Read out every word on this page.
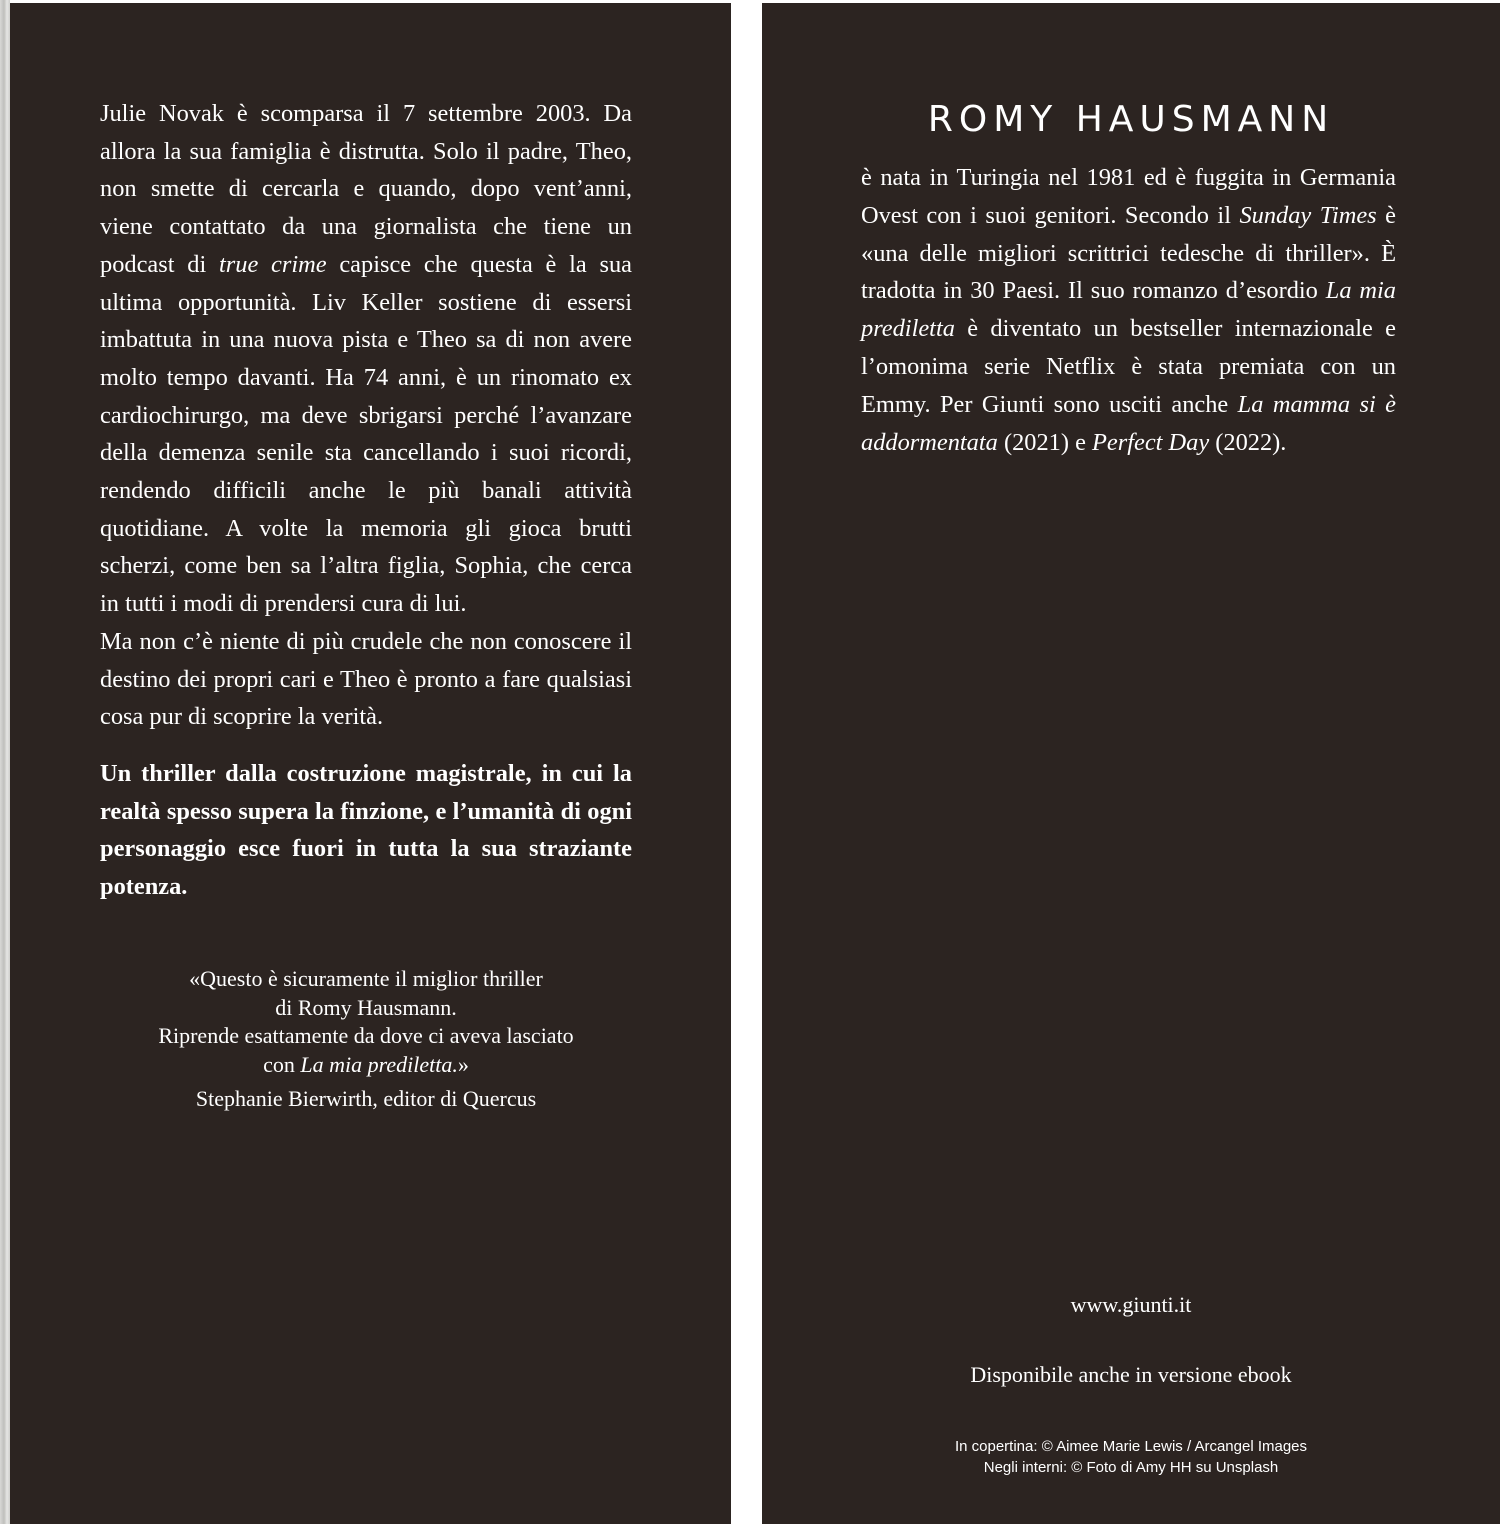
Julie Novak è scomparsa il 7 settembre 2003. Da allora la sua famiglia è distrutta. Solo il padre, Theo, non smette di cercarla e quando, dopo vent’anni, viene contattato da una giornalista che tiene un podcast di true crime capisce che questa è la sua ultima opportunità. Liv Keller sostiene di essersi imbattuta in una nuova pista e Theo sa di non avere molto tempo davanti. Ha 74 anni, è un rinomato ex cardiochirurgo, ma deve sbrigarsi perché l’avanzare della demenza senile sta cancellando i suoi ricordi, rendendo difficili anche le più banali attività quotidiane. A volte la memoria gli gioca brutti scherzi, come ben sa l’altra figlia, Sophia, che cerca in tutti i modi di prendersi cura di lui.

Ma non c’è niente di più crudele che non conoscere il destino dei propri cari e Theo è pronto a fare qualsiasi cosa pur di scoprire la verità.

Un thriller dalla costruzione magistrale, in cui la realtà spesso supera la finzione, e l’umanità di ogni personaggio esce fuori in tutta la sua straziante potenza.

«Questo è sicuramente il miglior thriller
di Romy Hausmann.
Riprende esattamente da dove ci aveva lasciato
con La mia prediletta.»
Stephanie Bierwirth, editor di Quercus
ROMY HAUSMANN

è nata in Turingia nel 1981 ed è fuggita in Germania Ovest con i suoi genitori. Secondo il Sunday Times è «una delle migliori scrittrici tedesche di thriller». È tradotta in 30 Paesi. Il suo romanzo d’esordio La mia prediletta è diventato un bestseller internazionale e l’omonima serie Netflix è stata premiata con un Emmy. Per Giunti sono usciti anche La mamma si è addormentata (2021) e Perfect Day (2022).

www.giunti.it
Disponibile anche in versione ebook
In copertina: © Aimee Marie Lewis / Arcangel Images
Negli interni: © Foto di Amy HH su Unsplash
